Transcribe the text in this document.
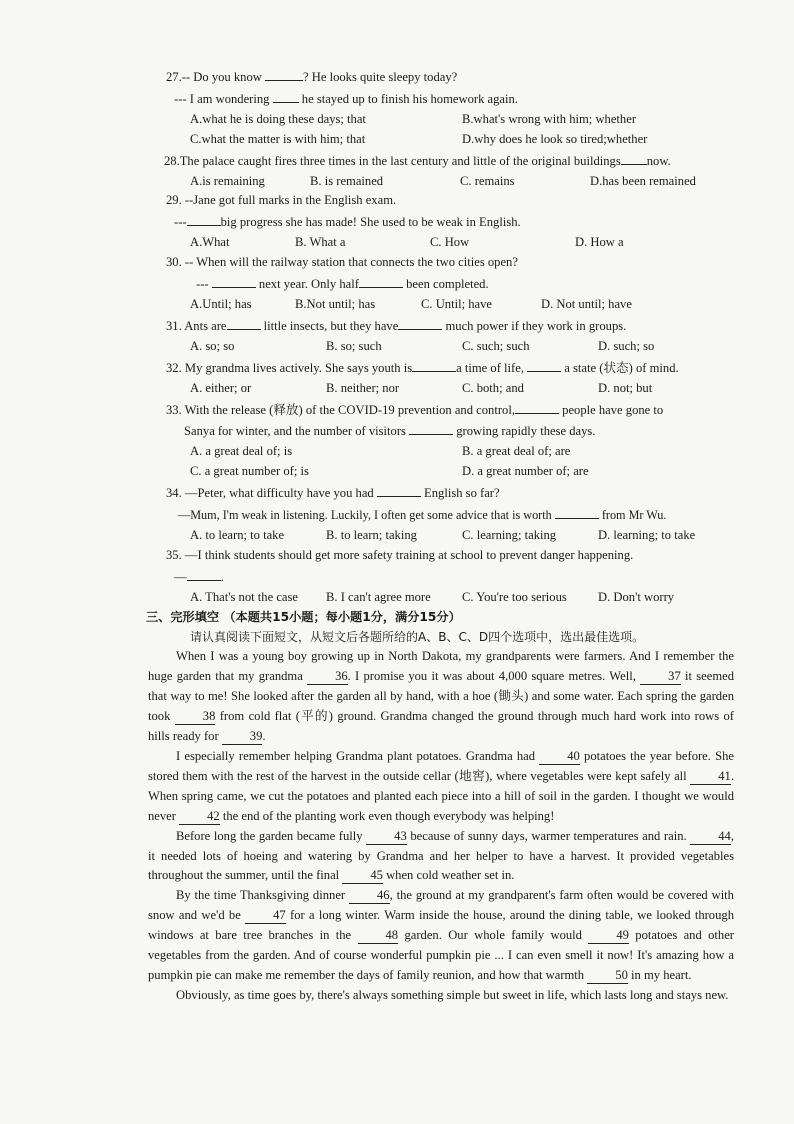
27.-- Do you know	? He looks quite sleepy today?
--- I am wondering	he stayed up to finish his homework again.
A.what he is doing these days; that	B.what's wrong with him; whether
C.what the matter is with him; that	D.why does he look so tired;whether
28.The palace caught fires three times in the last century and little of the original buildings now.
A.is remaining	B. is remained	C. remains	D.has been remained
29. --Jane got full marks in the English exam.
---	big progress she has made! She used to be weak in English.
A.What	B. What a	C. How	D. How a
30. -- When will the railway station that connects the two cities open?
---	next year. Only half	been completed.
A.Until; has	B.Not until; has	C. Until; have	D. Not until; have
31. Ants are	little insects, but they have	much power if they work in groups.
A. so; so	B. so; such	C. such; such	D. such; so
32. My grandma lives actively. She says youth is	a time of life,	a state (状态) of mind.
A. either; or	B. neither; nor	C. both; and	D. not; but
33. With the release (释放) of the COVID-19 prevention and control,	people have gone to
Sanya for winter, and the number of visitors	growing rapidly these days.
A. a great deal of; is	B. a great deal of; are
C. a great number of; is	D. a great number of; are
34. —Peter, what difficulty have you had	English so far?
—Mum, I'm weak in listening. Luckily, I often get some advice that is worth	from Mr Wu.
A. to learn; to take	B. to learn; taking	C. learning; taking	D. learning; to take
35. —I think students should get more safety training at school to prevent danger happening.
—	.
A. That's not the case	B. I can't agree more	C. You're too serious	D. Don't worry
三、完形填空 （本题共15小题；每小题1分，满分15分）
请认真阅读下面短文，从短文后各题所给的A、B、C、D四个选项中，选出最佳选项。

When I was a young boy growing up in North Dakota, my grandparents were farmers. And I remember the huge garden that my grandma 36. I promise you it was about 4,000 square metres. Well, 37 it seemed that way to me! She looked after the garden all by hand, with a hoe (锄头) and some water. Each spring the garden took 38 from cold flat (平的) ground. Grandma changed the ground through much hard work into rows of hills ready for 39.

I especially remember helping Grandma plant potatoes. Grandma had 40 potatoes the year before. She stored them with the rest of the harvest in the outside cellar (地窖), where vegetables were kept safely all 41. When spring came, we cut the potatoes and planted each piece into a hill of soil in the garden. I thought we would never 42 the end of the planting work even though everybody was helping!

Before long the garden became fully 43 because of sunny days, warmer temperatures and rain. 44, it needed lots of hoeing and watering by Grandma and her helper to have a harvest. It provided vegetables throughout the summer, until the final 45 when cold weather set in.

By the time Thanksgiving dinner 46, the ground at my grandparent's farm often would be covered with snow and we'd be 47 for a long winter. Warm inside the house, around the dining table, we looked through windows at bare tree branches in the 48 garden. Our whole family would 49 potatoes and other vegetables from the garden. And of course wonderful pumpkin pie ... I can even smell it now! It's amazing how a pumpkin pie can make me remember the days of family reunion, and how that warmth 50 in my heart.

Obviously, as time goes by, there's always something simple but sweet in life, which lasts long and stays new.
